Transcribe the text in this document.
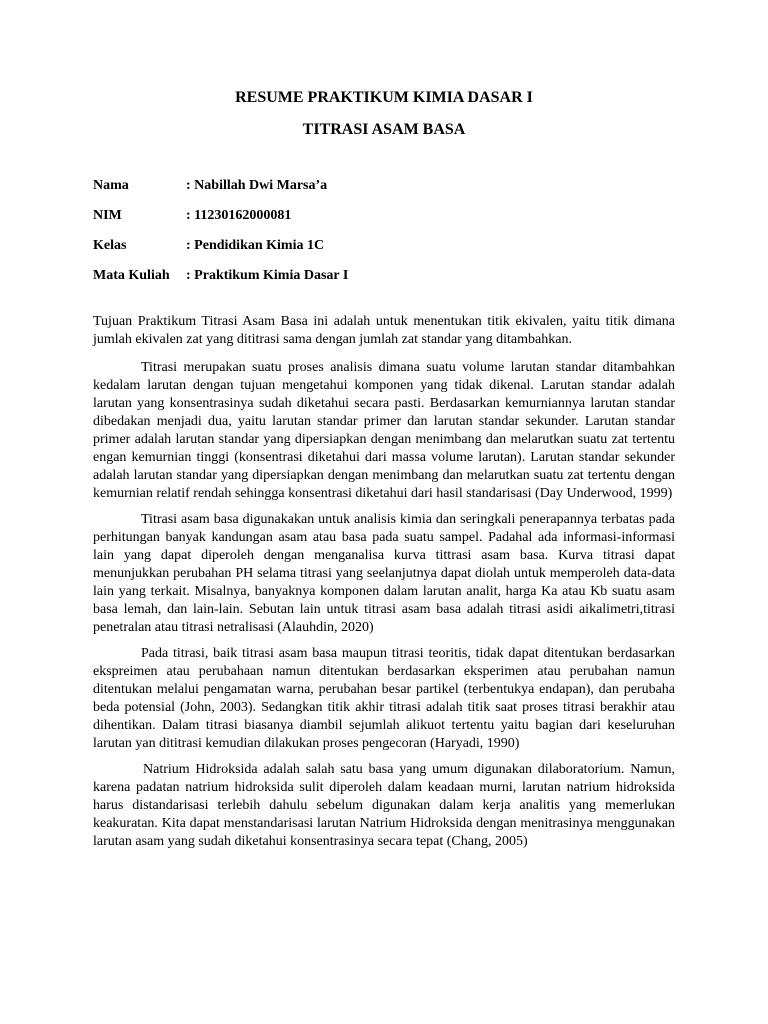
RESUME PRAKTIKUM KIMIA DASAR I
TITRASI ASAM BASA
Nama	: Nabillah Dwi Marsa’a
NIM	: 11230162000081
Kelas	: Pendidikan Kimia 1C
Mata Kuliah	: Praktikum Kimia Dasar I

Tujuan Praktikum Titrasi Asam Basa ini adalah untuk menentukan titik ekivalen, yaitu titik dimana jumlah ekivalen zat yang dititrasi sama dengan jumlah zat standar yang ditambahkan.

Titrasi merupakan suatu proses analisis dimana suatu volume larutan standar ditambahkan kedalam larutan dengan tujuan mengetahui komponen yang tidak dikenal. Larutan standar adalah larutan yang konsentrasinya sudah diketahui secara pasti. Berdasarkan kemurniannya larutan standar dibedakan menjadi dua, yaitu larutan standar primer dan larutan standar sekunder. Larutan standar primer adalah larutan standar yang dipersiapkan dengan menimbang dan melarutkan suatu zat tertentu engan kemurnian tinggi (konsentrasi diketahui dari massa volume larutan). Larutan standar sekunder adalah larutan standar yang dipersiapkan dengan menimbang dan melarutkan suatu zat tertentu dengan kemurnian relatif rendah sehingga konsentrasi diketahui dari hasil standarisasi (Day Underwood, 1999)

Titrasi asam basa digunakakan untuk analisis kimia dan seringkali penerapannya terbatas pada perhitungan banyak kandungan asam atau basa pada suatu sampel. Padahal ada informasi-informasi lain yang dapat diperoleh dengan menganalisa kurva tittrasi asam basa. Kurva titrasi dapat menunjukkan perubahan PH selama titrasi yang seelanjutnya dapat diolah untuk memperoleh data-data lain yang terkait. Misalnya, banyaknya komponen dalam larutan analit, harga Ka atau Kb suatu asam basa lemah, dan lain-lain. Sebutan lain untuk titrasi asam basa adalah titrasi asidi aikalimetri,titrasi penetralan atau titrasi netralisasi (Alauhdin, 2020)

Pada titrasi, baik titrasi asam basa maupun titrasi teoritis, tidak dapat ditentukan berdasarkan ekspreimen atau perubahaan namun ditentukan berdasarkan eksperimen atau perubahan namun ditentukan melalui pengamatan warna, perubahan besar partikel (terbentukya endapan), dan perubaha beda potensial (John, 2003). Sedangkan titik akhir titrasi adalah titik saat proses titrasi berakhir atau dihentikan. Dalam titrasi biasanya diambil sejumlah alikuot tertentu yaitu bagian dari keseluruhan larutan yan dititrasi kemudian dilakukan proses pengecoran (Haryadi, 1990)

Natrium Hidroksida adalah salah satu basa yang umum digunakan dilaboratorium. Namun, karena padatan natrium hidroksida sulit diperoleh dalam keadaan murni, larutan natrium hidroksida harus distandarisasi terlebih dahulu sebelum digunakan dalam kerja analitis yang memerlukan keakuratan. Kita dapat menstandarisasi larutan Natrium Hidroksida dengan menitrasinya menggunakan larutan asam yang sudah diketahui konsentrasinya secara tepat (Chang, 2005)
